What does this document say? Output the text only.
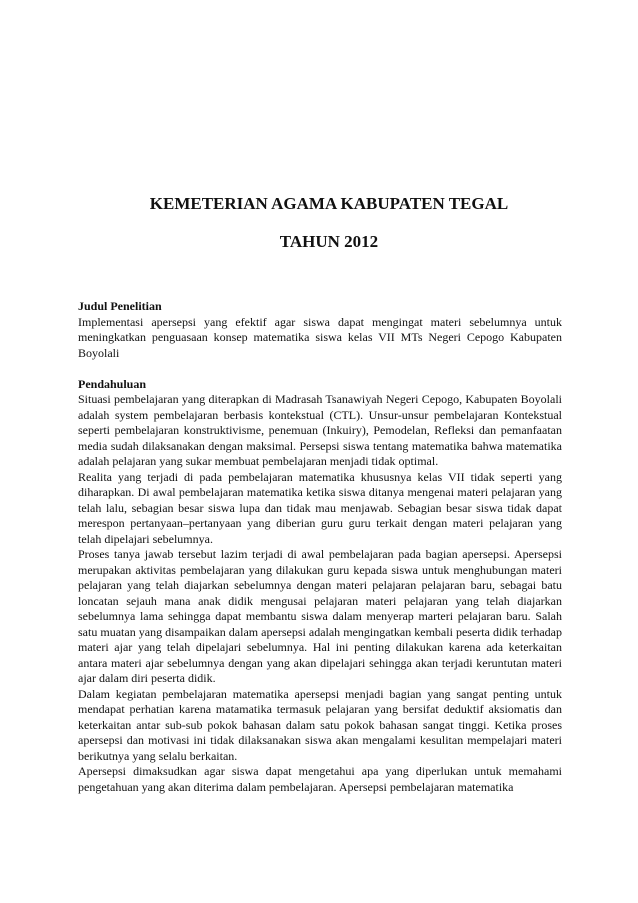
KEMETERIAN AGAMA KABUPATEN TEGAL
TAHUN 2012
Judul Penelitian
Implementasi apersepsi yang efektif agar siswa dapat mengingat materi sebelumnya untuk meningkatkan penguasaan konsep matematika siswa kelas VII MTs Negeri Cepogo Kabupaten Boyolali
Pendahuluan
Situasi pembelajaran yang diterapkan di Madrasah Tsanawiyah Negeri Cepogo, Kabupaten Boyolali adalah system pembelajaran berbasis kontekstual (CTL). Unsur-unsur pembelajaran Kontekstual seperti pembelajaran konstruktivisme, penemuan (Inkuiry), Pemodelan, Refleksi dan pemanfaatan media sudah dilaksanakan dengan maksimal. Persepsi siswa tentang matematika bahwa matematika adalah pelajaran yang sukar membuat pembelajaran menjadi tidak optimal.
Realita yang terjadi di pada pembelajaran matematika khususnya kelas VII tidak seperti yang diharapkan. Di awal pembelajaran matematika ketika siswa ditanya mengenai materi pelajaran yang telah lalu, sebagian besar siswa lupa dan tidak mau menjawab. Sebagian besar siswa tidak dapat merespon pertanyaan–pertanyaan yang diberian guru guru terkait dengan materi pelajaran yang telah dipelajari sebelumnya.
Proses tanya jawab tersebut lazim terjadi di awal pembelajaran pada bagian apersepsi. Apersepsi merupakan aktivitas pembelajaran yang dilakukan guru kepada siswa untuk menghubungan materi pelajaran yang telah diajarkan sebelumnya dengan materi pelajaran pelajaran baru, sebagai batu loncatan sejauh mana anak didik mengusai pelajaran materi pelajaran yang telah diajarkan sebelumnya lama sehingga dapat membantu siswa dalam menyerap marteri pelajaran baru. Salah satu muatan yang disampaikan dalam apersepsi adalah mengingatkan kembali peserta didik terhadap materi ajar yang telah dipelajari sebelumnya. Hal ini penting dilakukan karena ada keterkaitan antara materi ajar sebelumnya dengan yang akan dipelajari sehingga akan terjadi keruntutan materi ajar dalam diri peserta didik.
Dalam kegiatan pembelajaran matematika apersepsi menjadi bagian yang sangat penting untuk mendapat perhatian karena matamatika termasuk pelajaran yang bersifat deduktif aksiomatis dan keterkaitan antar sub-sub pokok bahasan dalam satu pokok bahasan sangat tinggi. Ketika proses apersepsi dan motivasi ini tidak dilaksanakan siswa akan mengalami kesulitan mempelajari materi berikutnya yang selalu berkaitan.
Apersepsi dimaksudkan agar siswa dapat mengetahui apa yang diperlukan untuk memahami pengetahuan yang akan diterima dalam pembelajaran. Apersepsi pembelajaran matematika
